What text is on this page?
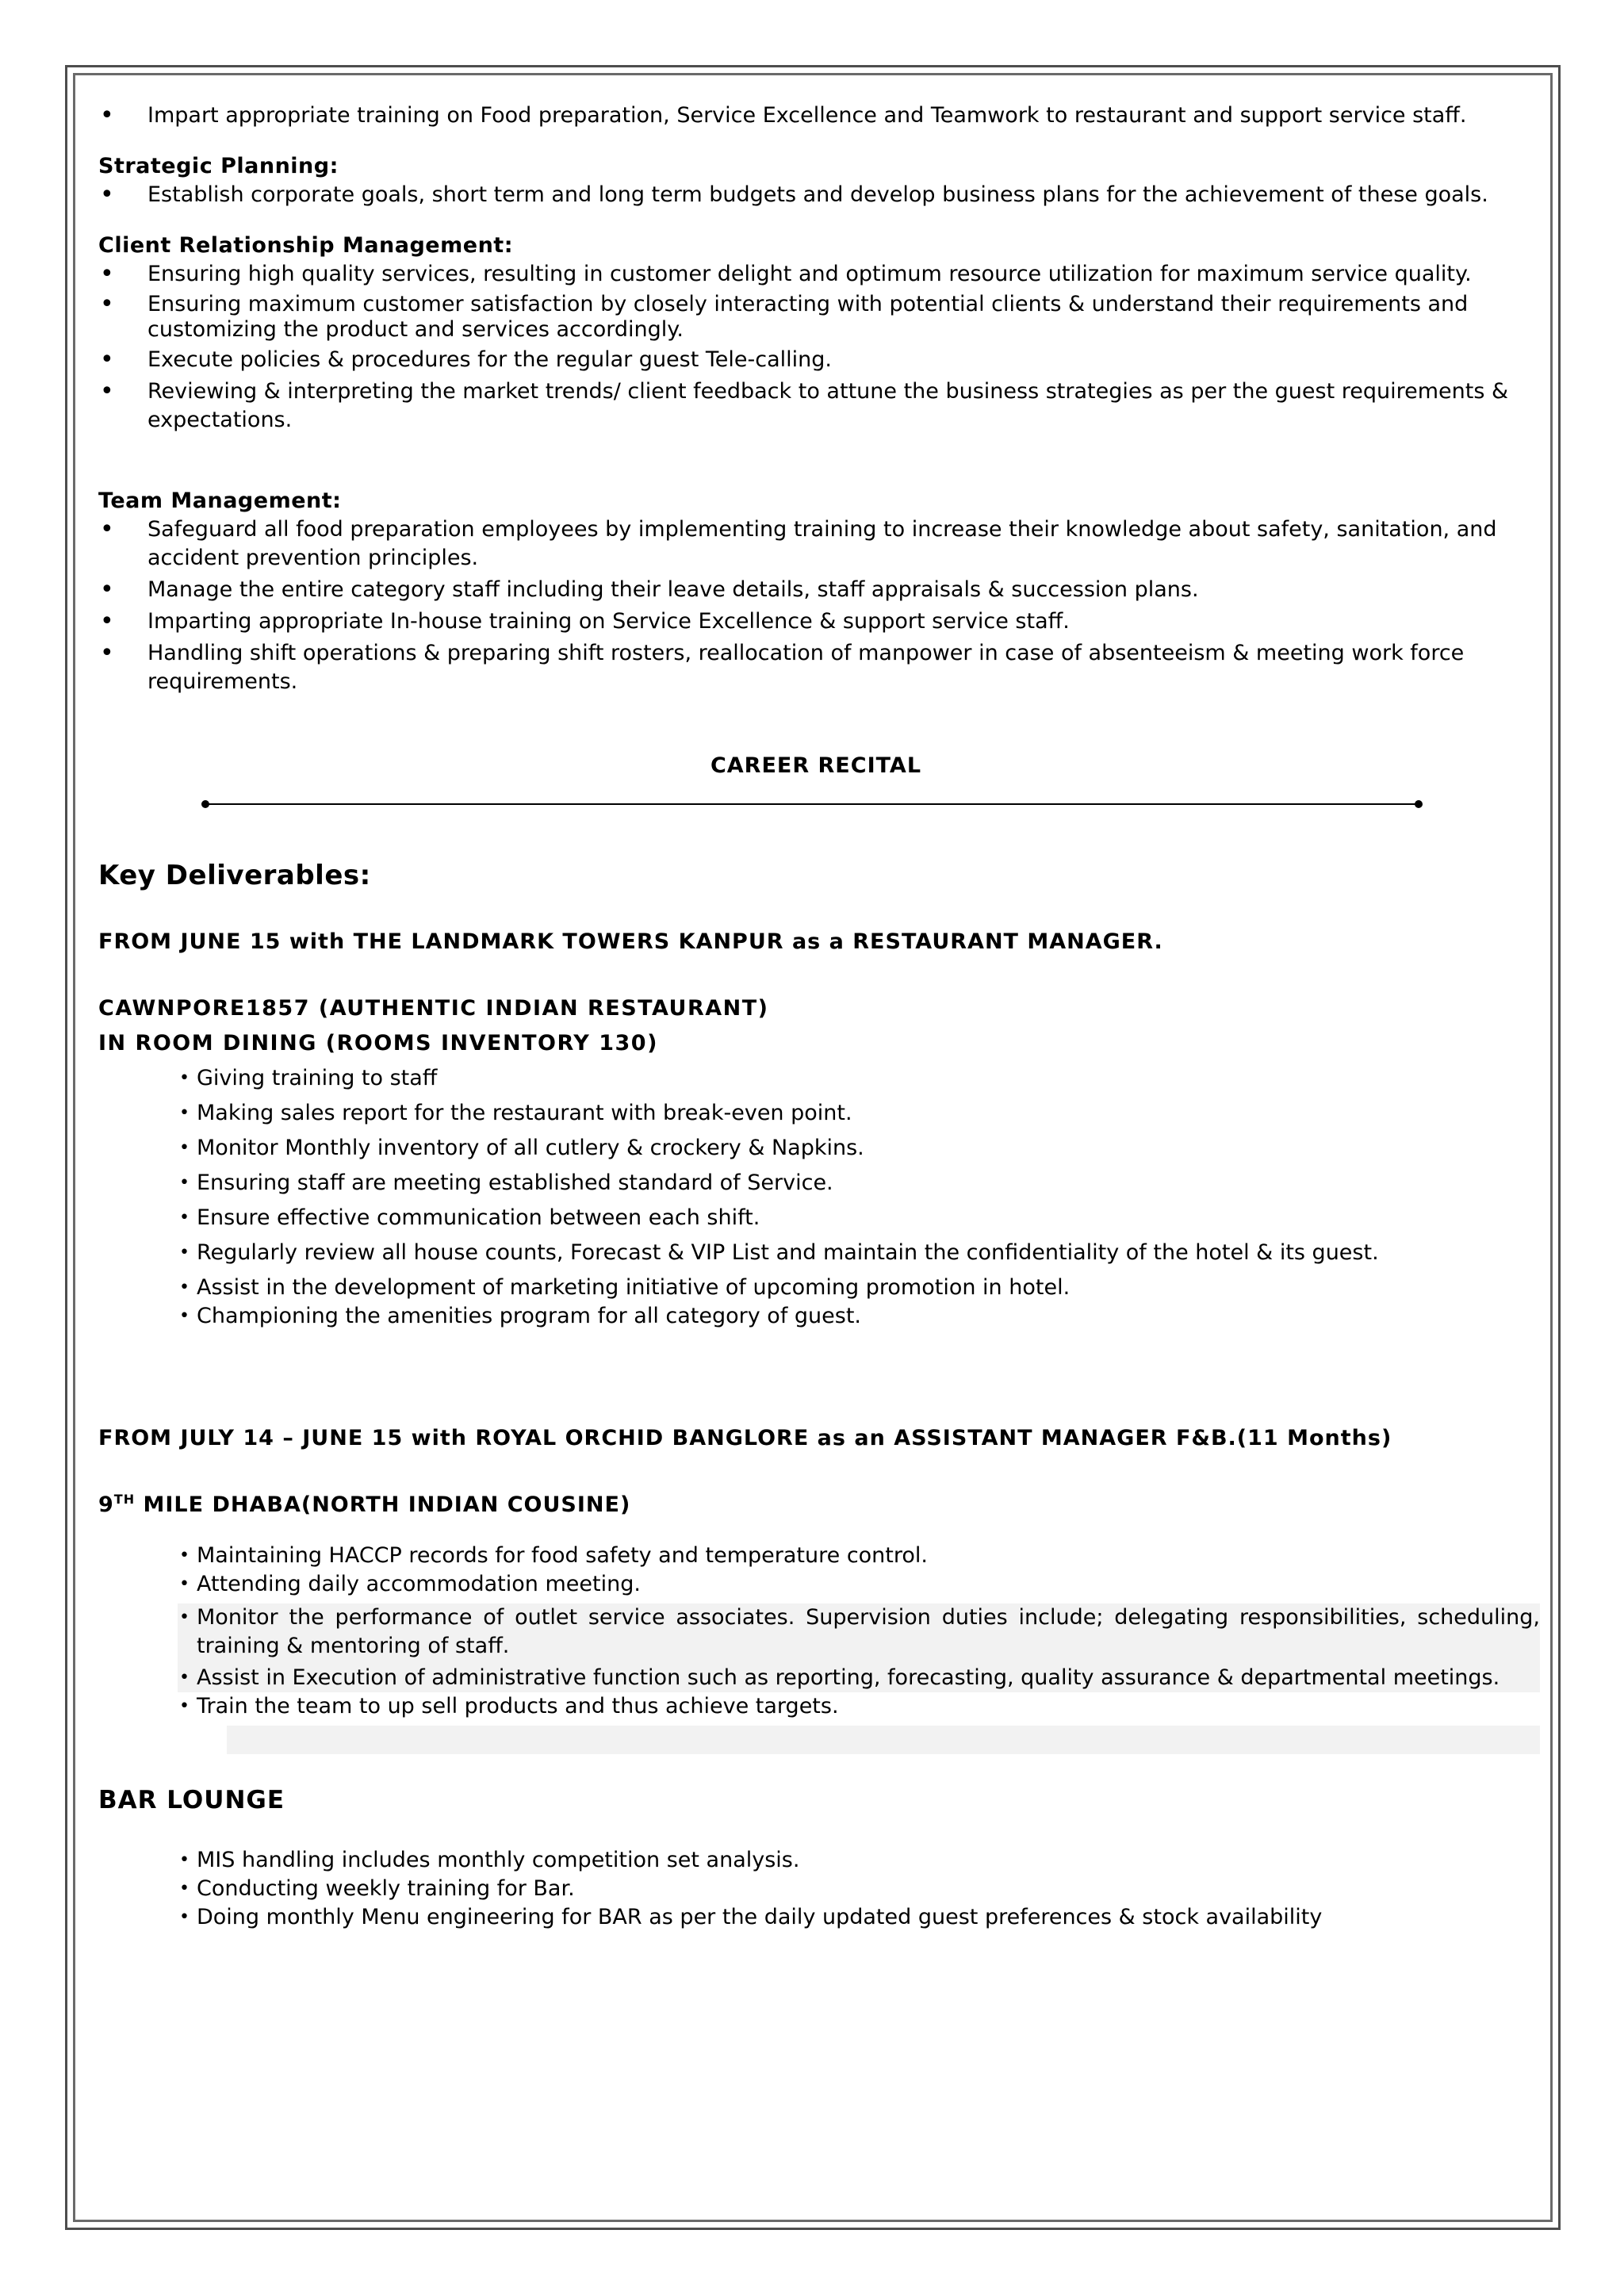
• Impart appropriate training on Food preparation, Service Excellence and Teamwork to restaurant and support service staff.

Strategic Planning:

• Establish corporate goals, short term and long term budgets and develop business plans for the achievement of these goals.

Client Relationship Management:

• Ensuring high quality services, resulting in customer delight and optimum resource utilization for maximum service quality.
• Ensuring maximum customer satisfaction by closely interacting with potential clients & understand their requirements and customizing the product and services accordingly.
• Execute policies & procedures for the regular guest Tele-calling.
• Reviewing & interpreting the market trends/ client feedback to attune the business strategies as per the guest requirements & expectations.

Team Management:

• Safeguard all food preparation employees by implementing training to increase their knowledge about safety, sanitation, and accident prevention principles.
• Manage the entire category staff including their leave details, staff appraisals & succession plans.
• Imparting appropriate In-house training on Service Excellence & support service staff.
• Handling shift operations & preparing shift rosters, reallocation of manpower in case of absenteeism & meeting work force requirements.

CAREER RECITAL

Key Deliverables:

FROM JUNE 15 with THE LANDMARK TOWERS KANPUR as a RESTAURANT MANAGER.

CAWNPORE1857 (AUTHENTIC INDIAN RESTAURANT)

IN ROOM DINING (ROOMS INVENTORY 130)

• Giving training to staff
• Making sales report for the restaurant with break-even point.
• Monitor Monthly inventory of all cutlery & crockery & Napkins.
• Ensuring staff are meeting established standard of Service.
• Ensure effective communication between each shift.
• Regularly review all house counts, Forecast & VIP List and maintain the confidentiality of the hotel & its guest.
• Assist in the development of marketing initiative of upcoming promotion in hotel.
• Championing the amenities program for all category of guest.

FROM JULY 14 – JUNE 15 with ROYAL ORCHID BANGLORE as an ASSISTANT MANAGER F&B.(11 Months)

9TH MILE DHABA(NORTH INDIAN COUSINE)

• Maintaining HACCP records for food safety and temperature control.
• Attending daily accommodation meeting.
• Monitor the performance of outlet service associates. Supervision duties include; delegating responsibilities, scheduling, training & mentoring of staff.
• Assist in Execution of administrative function such as reporting, forecasting, quality assurance & departmental meetings.
• Train the team to up sell products and thus achieve targets.

BAR LOUNGE

• MIS handling includes monthly competition set analysis.
• Conducting weekly training for Bar.
• Doing monthly Menu engineering for BAR as per the daily updated guest preferences & stock availability
